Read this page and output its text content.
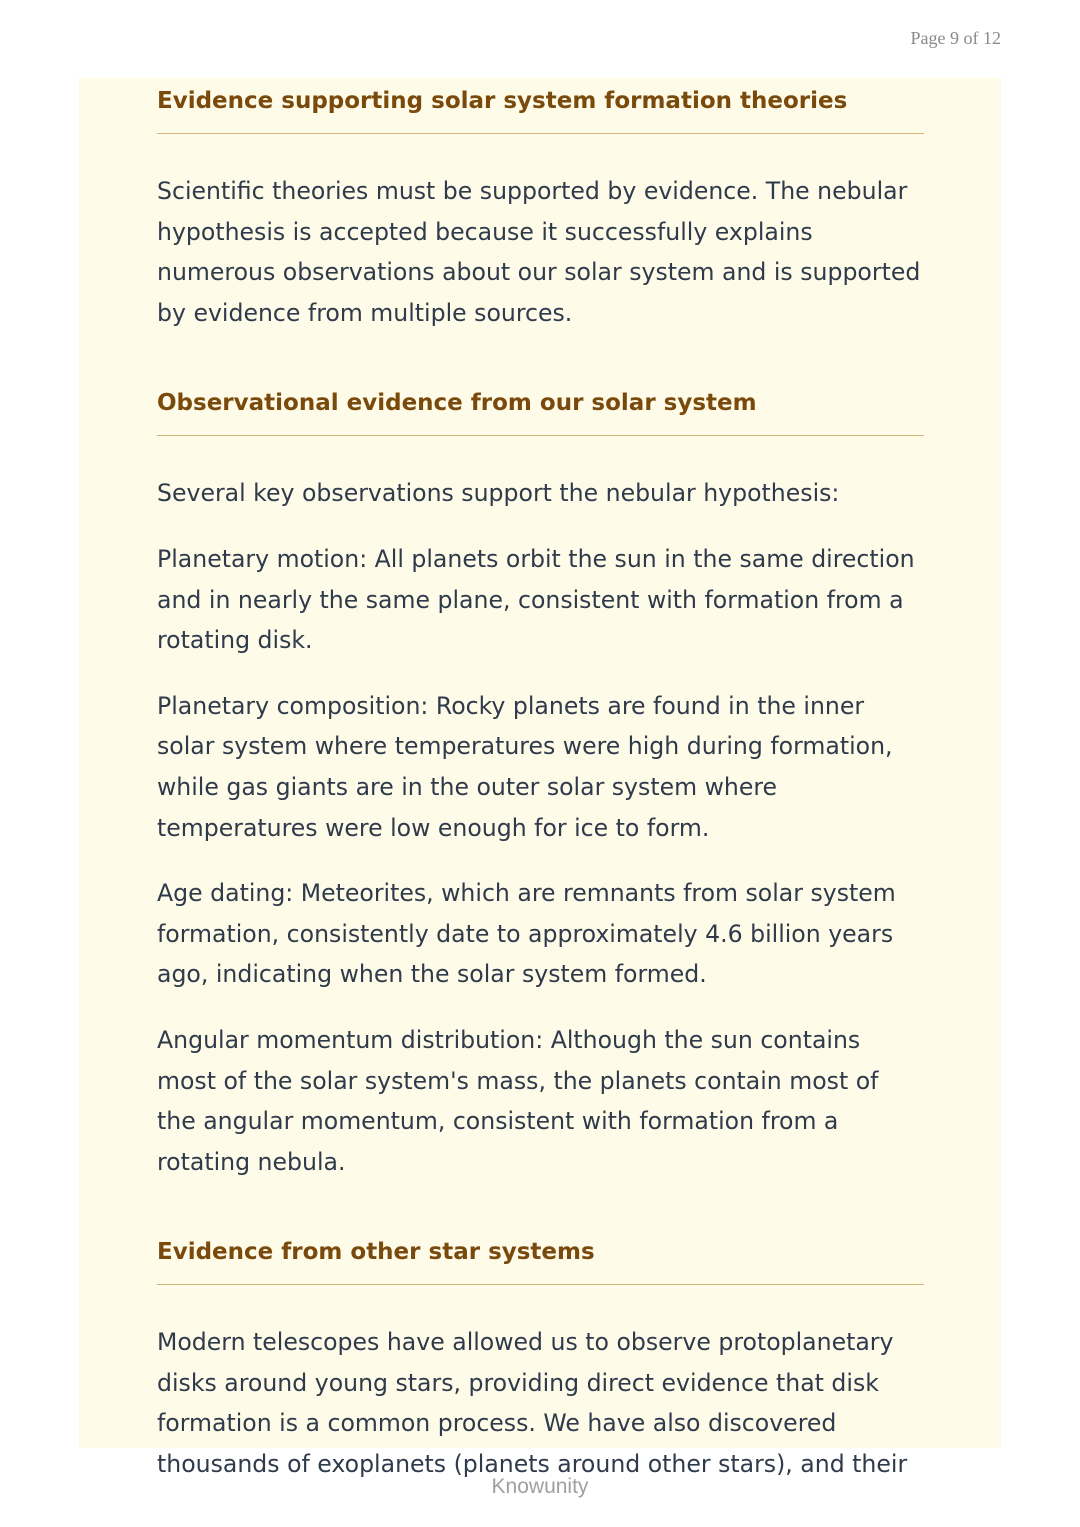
Page 9 of 12
Evidence supporting solar system formation theories

Scientific theories must be supported by evidence. The nebular hypothesis is accepted because it successfully explains numerous observations about our solar system and is supported by evidence from multiple sources.

Observational evidence from our solar system

Several key observations support the nebular hypothesis:

Planetary motion: All planets orbit the sun in the same direction and in nearly the same plane, consistent with formation from a rotating disk.

Planetary composition: Rocky planets are found in the inner solar system where temperatures were high during formation, while gas giants are in the outer solar system where temperatures were low enough for ice to form.

Age dating: Meteorites, which are remnants from solar system formation, consistently date to approximately 4.6 billion years ago, indicating when the solar system formed.

Angular momentum distribution: Although the sun contains most of the solar system's mass, the planets contain most of the angular momentum, consistent with formation from a rotating nebula.

Evidence from other star systems

Modern telescopes have allowed us to observe protoplanetary disks around young stars, providing direct evidence that disk formation is a common process. We have also discovered thousands of exoplanets (planets around other stars), and their

Knowunity
